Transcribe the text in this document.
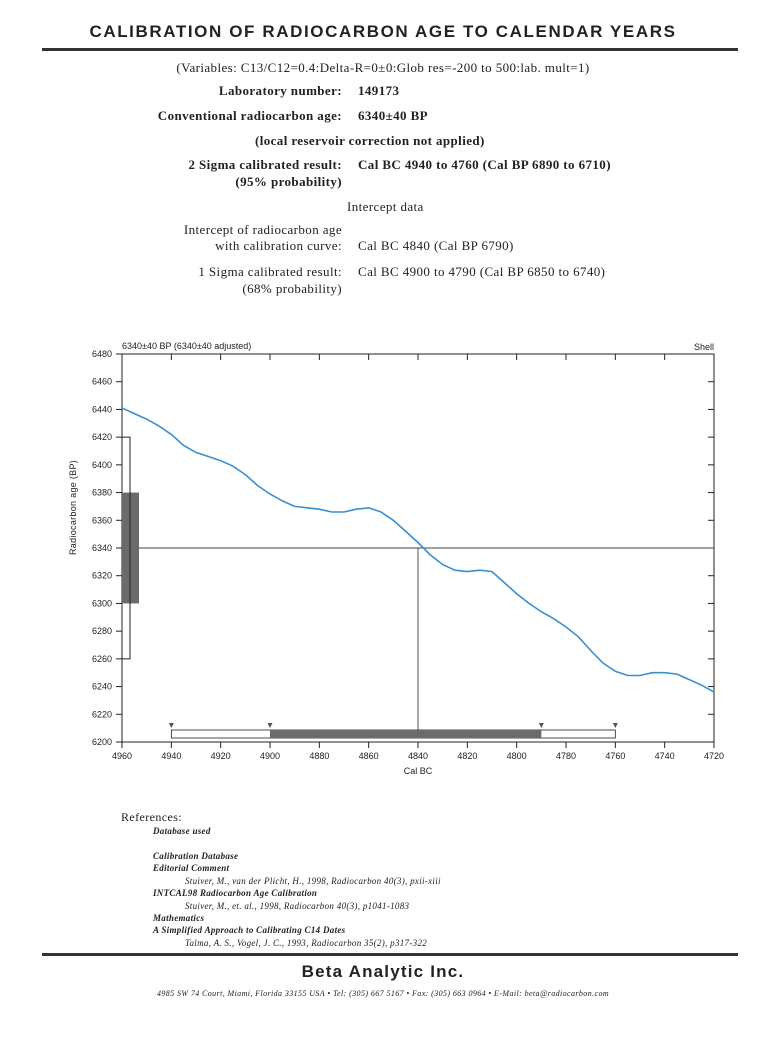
CALIBRATION OF RADIOCARBON AGE TO CALENDAR YEARS
(Variables: C13/C12=0.4:Delta-R=0±0:Glob res=-200 to 500:lab. mult=1)
Laboratory number: 149173
Conventional radiocarbon age: 6340±40 BP
(local reservoir correction not applied)
2 Sigma calibrated result:
(95% probability)
Cal BC 4940 to 4760 (Cal BP 6890 to 6710)
Intercept data
Intercept of radiocarbon age
with calibration curve: Cal BC 4840 (Cal BP 6790)
1 Sigma calibrated result:
(68% probability)
Cal BC 4900 to 4790 (Cal BP 6850 to 6740)
6340±40 BP (6340±40 adjusted)	Shell
Cal BC
6200
6220
6240
6260
6280
6300
6320
6340
6360
6380
6400
6420
6440
6460
6480
4960	4940	4920	4900	4880	4860	4840	4820	4800	4780	4760	4740	4720
Radiocarbon age (BP)
References:
Database used
Calibration Database
Editorial Comment
Stuiver, M., van der Plicht, H., 1998, Radiocarbon 40(3), pxii-xiii
INTCAL98 Radiocarbon Age Calibration
Stuiver, M., et. al., 1998, Radiocarbon 40(3), p1041-1083
Mathematics
A Simplified Approach to Calibrating C14 Dates
Talma, A. S., Vogel, J. C., 1993, Radiocarbon 35(2), p317-322
Beta Analytic Inc.
4985 SW 74 Court, Miami, Florida 33155 USA • Tel: (305) 667 5167 • Fax: (305) 663 0964 • E-Mail: beta@radiocarbon.com
